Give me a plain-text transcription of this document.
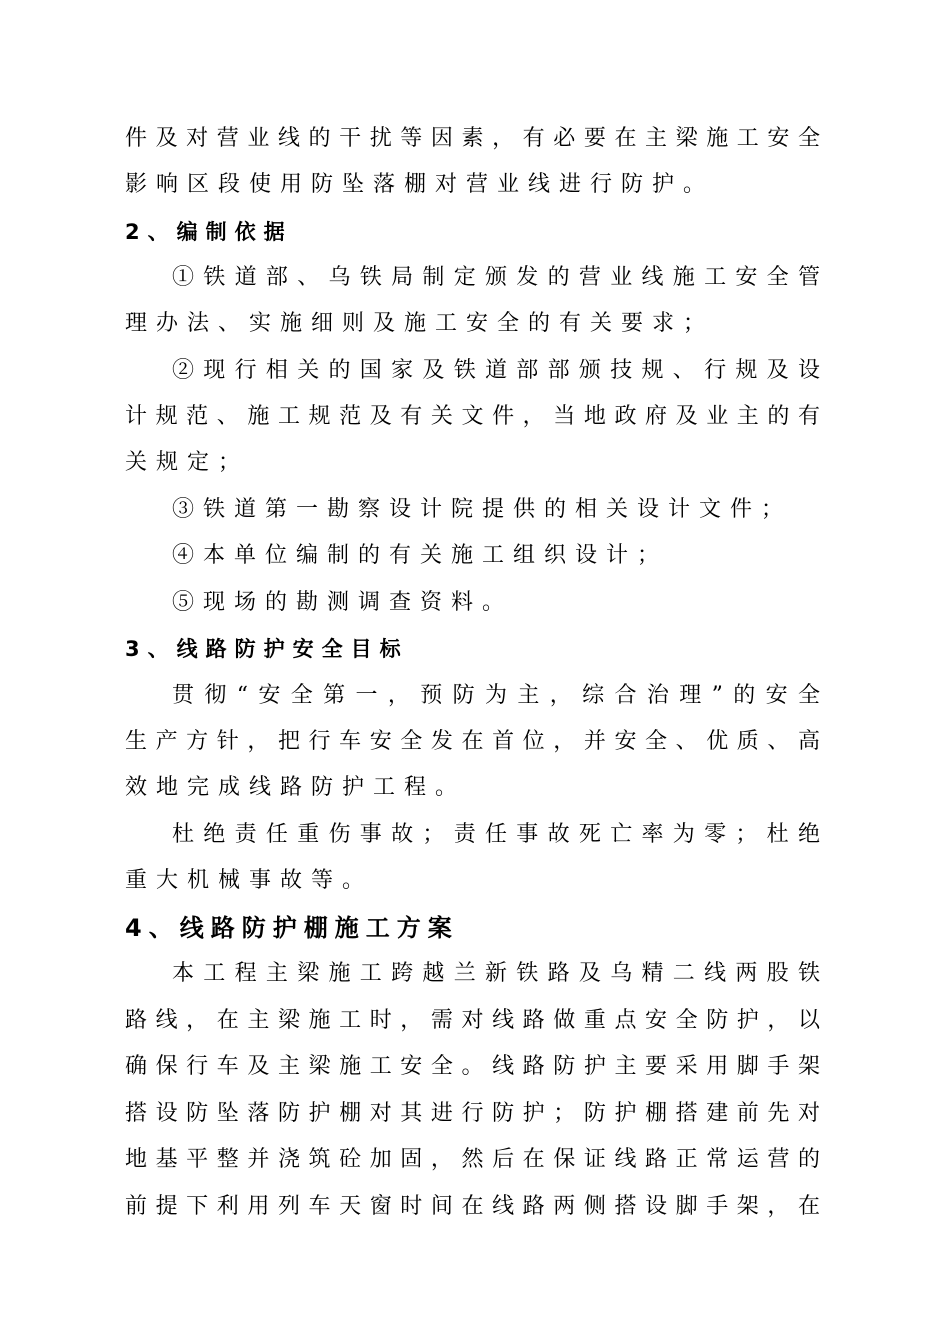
件及对营业线的干扰等因素，有必要在主梁施工安全
影响区段使用防坠落棚对营业线进行防护。
2、编制依据
①铁道部、乌铁局制定颁发的营业线施工安全管
理办法、实施细则及施工安全的有关要求；
②现行相关的国家及铁道部部颁技规、行规及设
计规范、施工规范及有关文件，当地政府及业主的有
关规定；
③铁道第一勘察设计院提供的相关设计文件；
④本单位编制的有关施工组织设计；
⑤现场的勘测调查资料。
3、线路防护安全目标
贯彻“安全第一，预防为主，综合治理”的安全
生产方针，把行车安全发在首位，并安全、优质、高
效地完成线路防护工程。
杜绝责任重伤事故；责任事故死亡率为零；杜绝
重大机械事故等。
4、线路防护棚施工方案
本工程主梁施工跨越兰新铁路及乌精二线两股铁
路线，在主梁施工时，需对线路做重点安全防护，以
确保行车及主梁施工安全。线路防护主要采用脚手架
搭设防坠落防护棚对其进行防护；防护棚搭建前先对
地基平整并浇筑砼加固，然后在保证线路正常运营的
前提下利用列车天窗时间在线路两侧搭设脚手架，在
